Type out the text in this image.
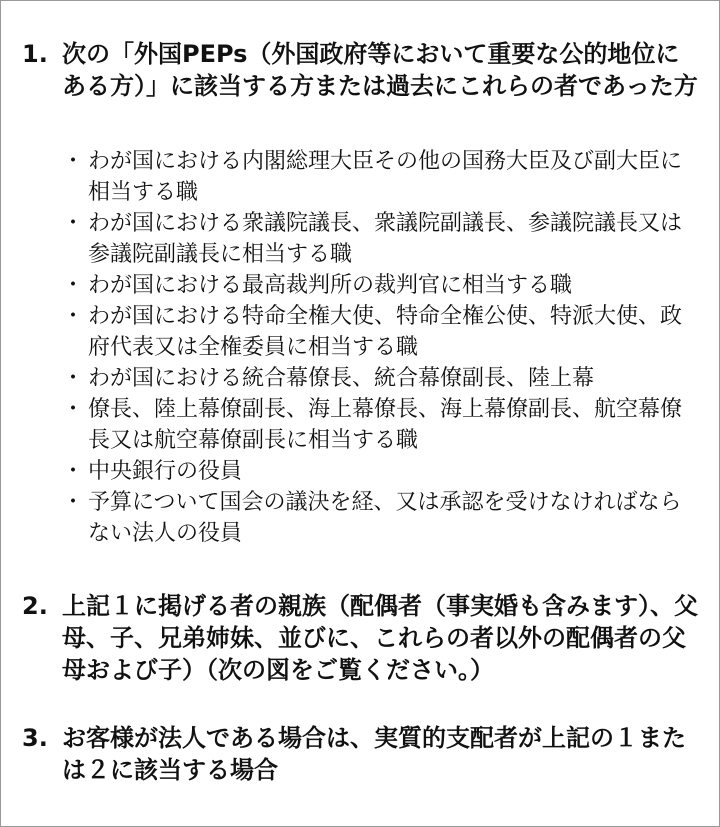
1. 次の「外国PEPs（外国政府等において重要な公的地位にある方）」に該当する方または過去にこれらの者であった方
・ わが国における内閣総理大臣その他の国務大臣及び副大臣に相当する職
・ わが国における衆議院議長、衆議院副議長、参議院議長又は参議院副議長に相当する職
・ わが国における最高裁判所の裁判官に相当する職
・ わが国における特命全権大使、特命全権公使、特派大使、政府代表又は全権委員に相当する職
・ わが国における統合幕僚長、統合幕僚副長、陸上幕
・ 僚長、陸上幕僚副長、海上幕僚長、海上幕僚副長、航空幕僚長又は航空幕僚副長に相当する職
・ 中央銀行の役員
・ 予算について国会の議決を経、又は承認を受けなければならない法人の役員
2. 上記１に掲げる者の親族（配偶者（事実婚も含みます）、父母、子、兄弟姉妹、並びに、これらの者以外の配偶者の父母および子）（次の図をご覧ください。）
3. お客様が法人である場合は、実質的支配者が上記の１または２に該当する場合
